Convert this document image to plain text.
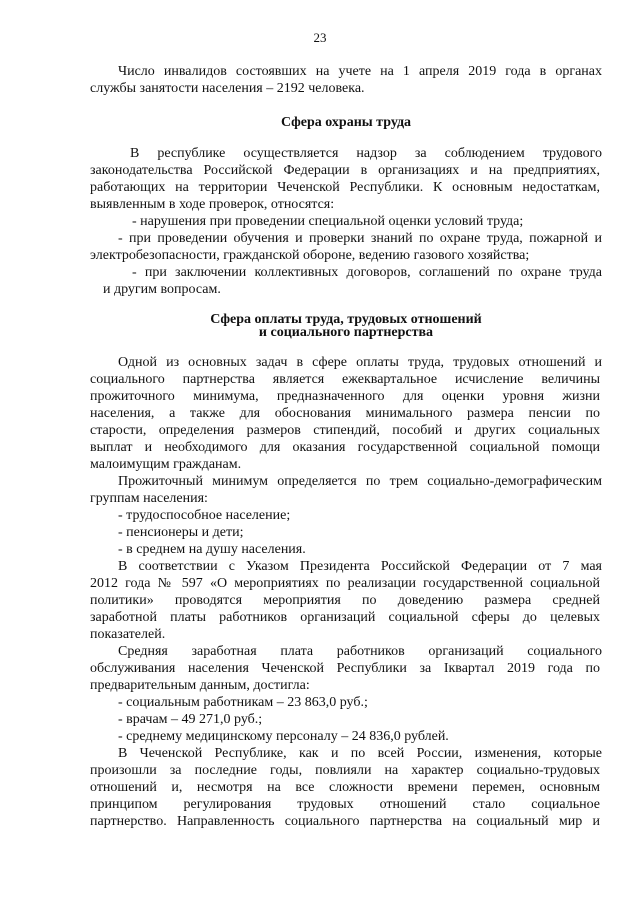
23

Число инвалидов состоявших на учете на 1 апреля 2019 года в органах

службы занятости населения – 2192 человека.

Сфера охраны труда

В республике осуществляется надзор за соблюдением трудового

законодательства Российской Федерации в организациях и на предприятиях,

работающих на территории Чеченской Республики. К основным недостаткам,

выявленным в ходе проверок, относятся:

- нарушения при проведении специальной оценки условий труда;

- при проведении обучения и проверки знаний по охране труда, пожарной и

электробезопасности, гражданской обороне, ведению газового хозяйства;

- при заключении коллективных договоров, соглашений по охране труда

и другим вопросам.

Сфера оплаты труда, трудовых отношений

и социального партнерства

Одной из основных задач в сфере оплаты труда, трудовых отношений и

социального партнерства является ежеквартальное исчисление величины

прожиточного минимума, предназначенного для оценки уровня жизни

населения, а также для обоснования минимального размера пенсии по

старости, определения размеров стипендий, пособий и других социальных

выплат и необходимого для оказания государственной социальной помощи

малоимущим гражданам.

Прожиточный минимум определяется по трем социально-демографическим

группам населения:

- трудоспособное население;

- пенсионеры и дети;

- в среднем на душу населения.

В соответствии с Указом Президента Российской Федерации от 7 мая

2012 года № 597 «О мероприятиях по реализации государственной социальной

политики» проводятся мероприятия по доведению размера средней

заработной платы работников организаций социальной сферы до целевых

показателей.

Средняя заработная плата работников организаций социального

обслуживания населения Чеченской Республики за Iквартал 2019 года по

предварительным данным, достигла:

- социальным работникам – 23 863,0 руб.;

- врачам – 49 271,0 руб.;

- среднему медицинскому персоналу – 24 836,0 рублей.

В Чеченской Республике, как и по всей России, изменения, которые

произошли за последние годы, повлияли на характер социально-трудовых

отношений и, несмотря на все сложности времени перемен, основным

принципом регулирования трудовых отношений стало социальное

партнерство. Направленность социального партнерства на социальный мир и
